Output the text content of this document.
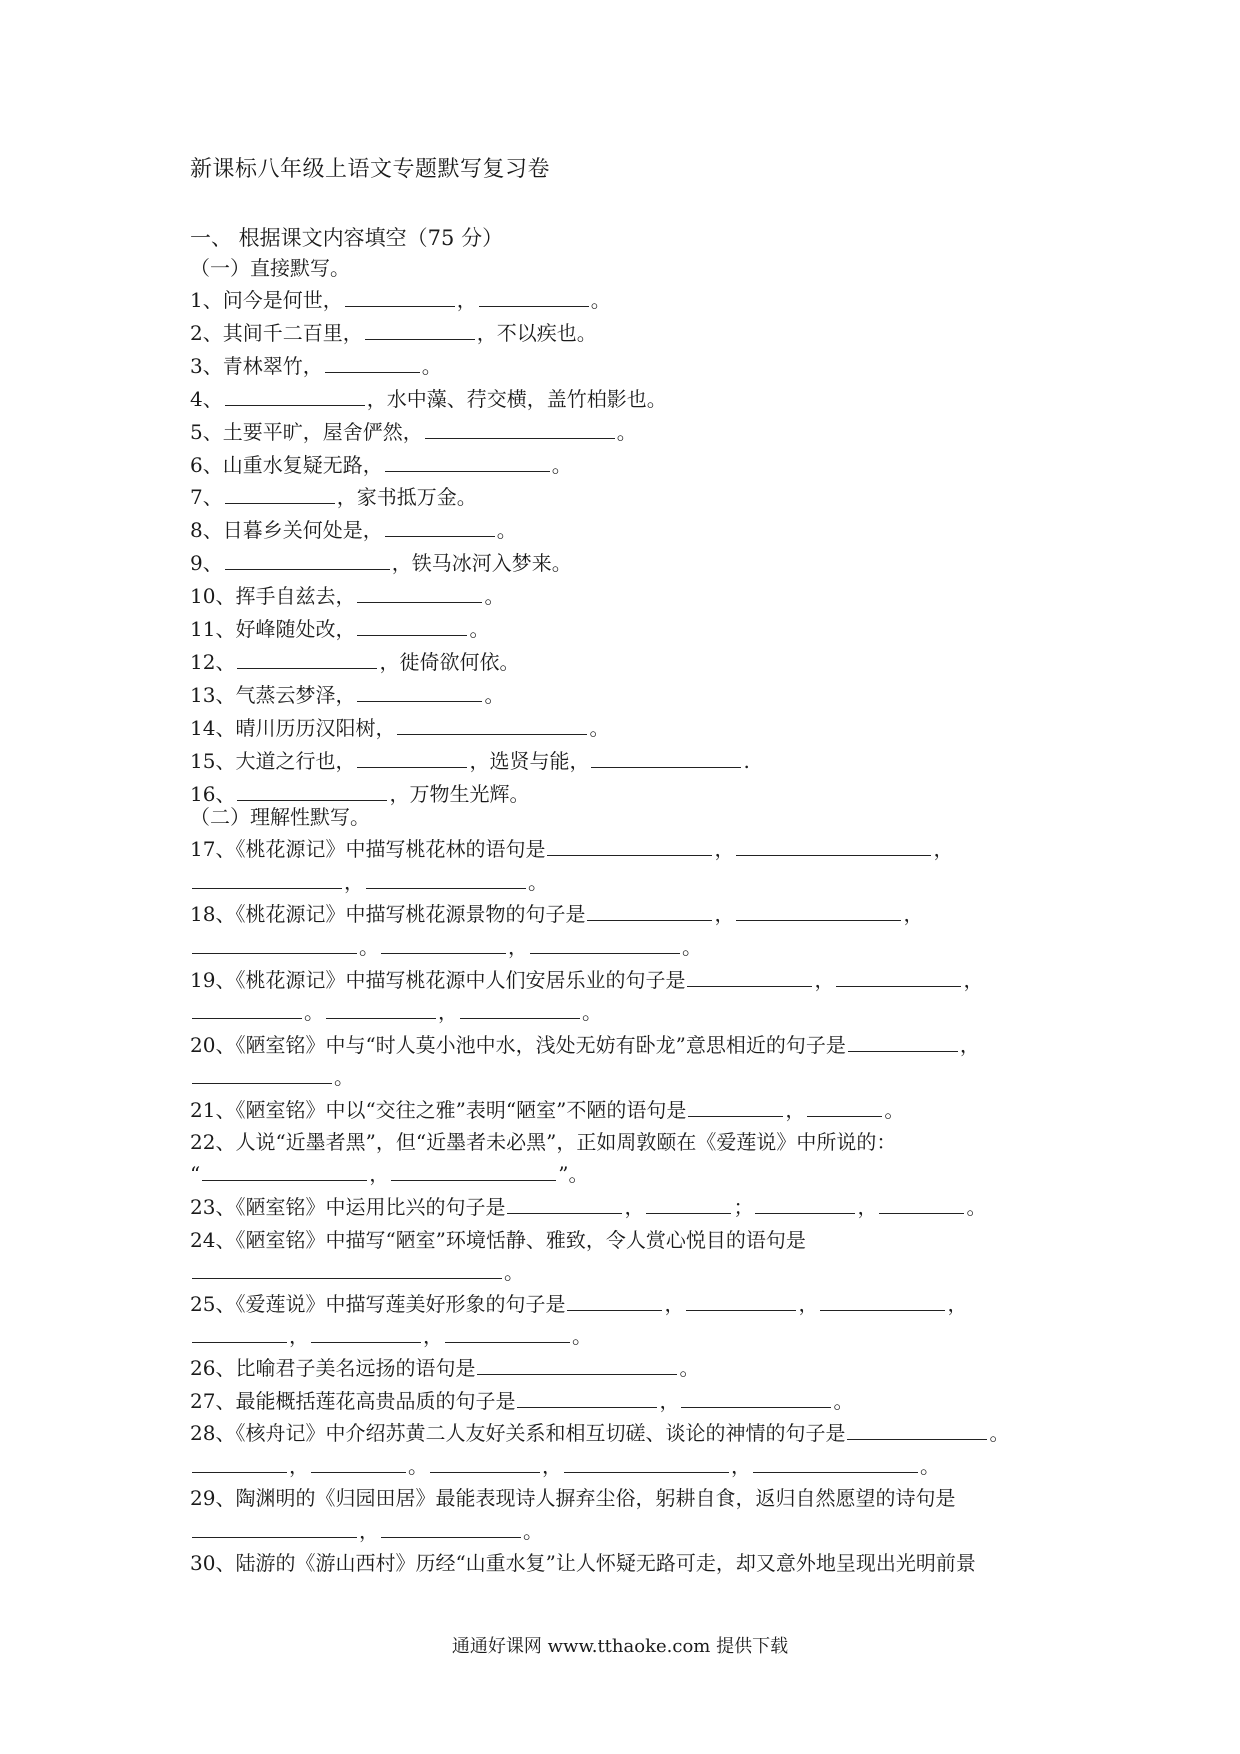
新课标八年级上语文专题默写复习卷
一、 根据课文内容填空（75 分）
（一）直接默写。
1、问今是何世，	，	。
2、其间千二百里，	，不以疾也。
3、青林翠竹，	。
4、	，水中藻、荇交横，盖竹柏影也。
5、土要平旷，屋舍俨然，	。
6、山重水复疑无路，	。
7、	，家书抵万金。
8、日暮乡关何处是，	。
9、	，铁马冰河入梦来。
10、挥手自兹去，	。
11、好峰随处改，	。
12、	，徙倚欲何依。
13、气蒸云梦泽，	。
14、晴川历历汉阳树，	。
15、大道之行也，	，选贤与能，	.
16、	，万物生光辉。
（二）理解性默写。
17、《桃花源记》中描写桃花林的语句是	，	，
，	。
18、《桃花源记》中描写桃花源景物的句子是	，	，
。	，	。
19、《桃花源记》中描写桃花源中人们安居乐业的句子是	，	，
。	，	。
20、《陋室铭》中与“时人莫小池中水，浅处无妨有卧龙”意思相近的句子是	，
。
21、《陋室铭》中以“交往之雅”表明“陋室”不陋的语句是	，	。
22、人说“近墨者黑”，但“近墨者未必黑”，正如周敦颐在《爱莲说》中所说的：
“	，	”。
23、《陋室铭》中运用比兴的句子是	，	；	，	。
24、《陋室铭》中描写“陋室”环境恬静、雅致，令人赏心悦目的语句是
。
25、《爱莲说》中描写莲美好形象的句子是	，	，	，
，	，	。
26、比喻君子美名远扬的语句是	。
27、最能概括莲花高贵品质的句子是	，	。
28、《核舟记》中介绍苏黄二人友好关系和相互切磋、谈论的神情的句子是	。
，	。	，	，	。
29、陶渊明的《归园田居》最能表现诗人摒弃尘俗，躬耕自食，返归自然愿望的诗句是
，	。
30、陆游的《游山西村》历经“山重水复”让人怀疑无路可走，却又意外地呈现出光明前景
通通好课网 www.tthaoke.com 提供下载
